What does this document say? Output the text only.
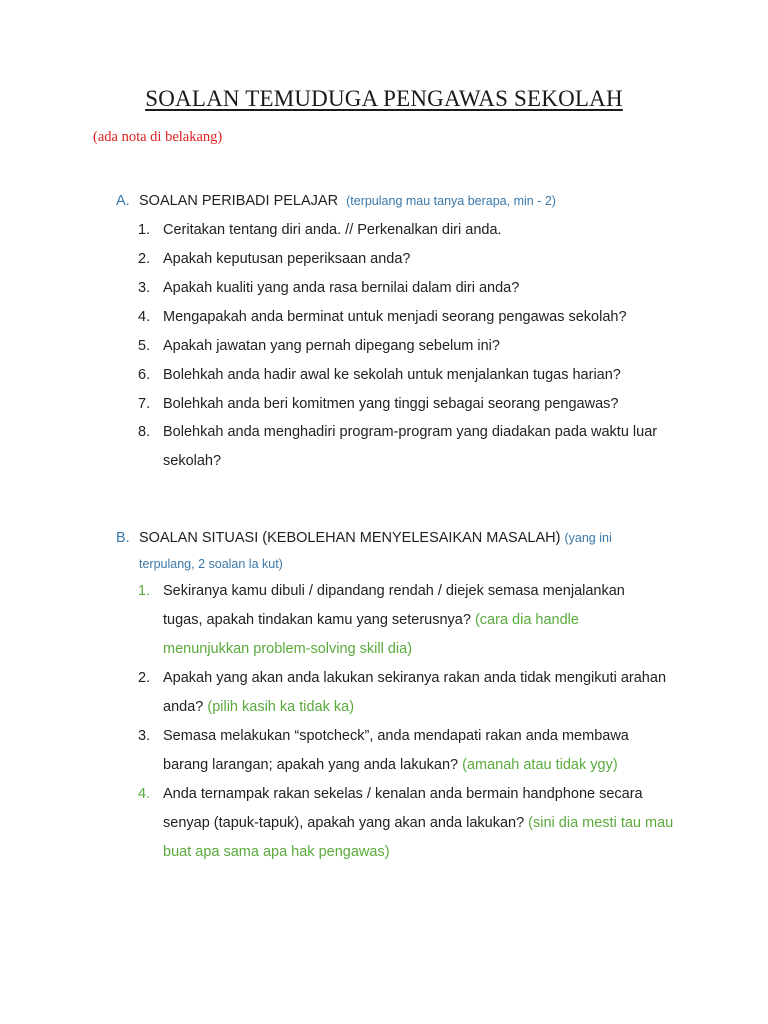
SOALAN TEMUDUGA PENGAWAS SEKOLAH
(ada nota di belakang)
A. SOALAN PERIBADI PELAJAR (terpulang mau tanya berapa, min - 2)
1. Ceritakan tentang diri anda. // Perkenalkan diri anda.
2. Apakah keputusan peperiksaan anda?
3. Apakah kualiti yang anda rasa bernilai dalam diri anda?
4. Mengapakah anda berminat untuk menjadi seorang pengawas sekolah?
5. Apakah jawatan yang pernah dipegang sebelum ini?
6. Bolehkah anda hadir awal ke sekolah untuk menjalankan tugas harian?
7. Bolehkah anda beri komitmen yang tinggi sebagai seorang pengawas?
8. Bolehkah anda menghadiri program-program yang diadakan pada waktu luar sekolah?
B. SOALAN SITUASI (KEBOLEHAN MENYELESAIKAN MASALAH) (yang ini terpulang, 2 soalan la kut)
1. Sekiranya kamu dibuli / dipandang rendah / diejek semasa menjalankan tugas, apakah tindakan kamu yang seterusnya? (cara dia handle menunjukkan problem-solving skill dia)
2. Apakah yang akan anda lakukan sekiranya rakan anda tidak mengikuti arahan anda? (pilih kasih ka tidak ka)
3. Semasa melakukan “spotcheck”, anda mendapati rakan anda membawa barang larangan; apakah yang anda lakukan? (amanah atau tidak ygy)
4. Anda ternampak rakan sekelas / kenalan anda bermain handphone secara senyap (tapuk-tapuk), apakah yang akan anda lakukan? (sini dia mesti tau mau buat apa sama apa hak pengawas)
